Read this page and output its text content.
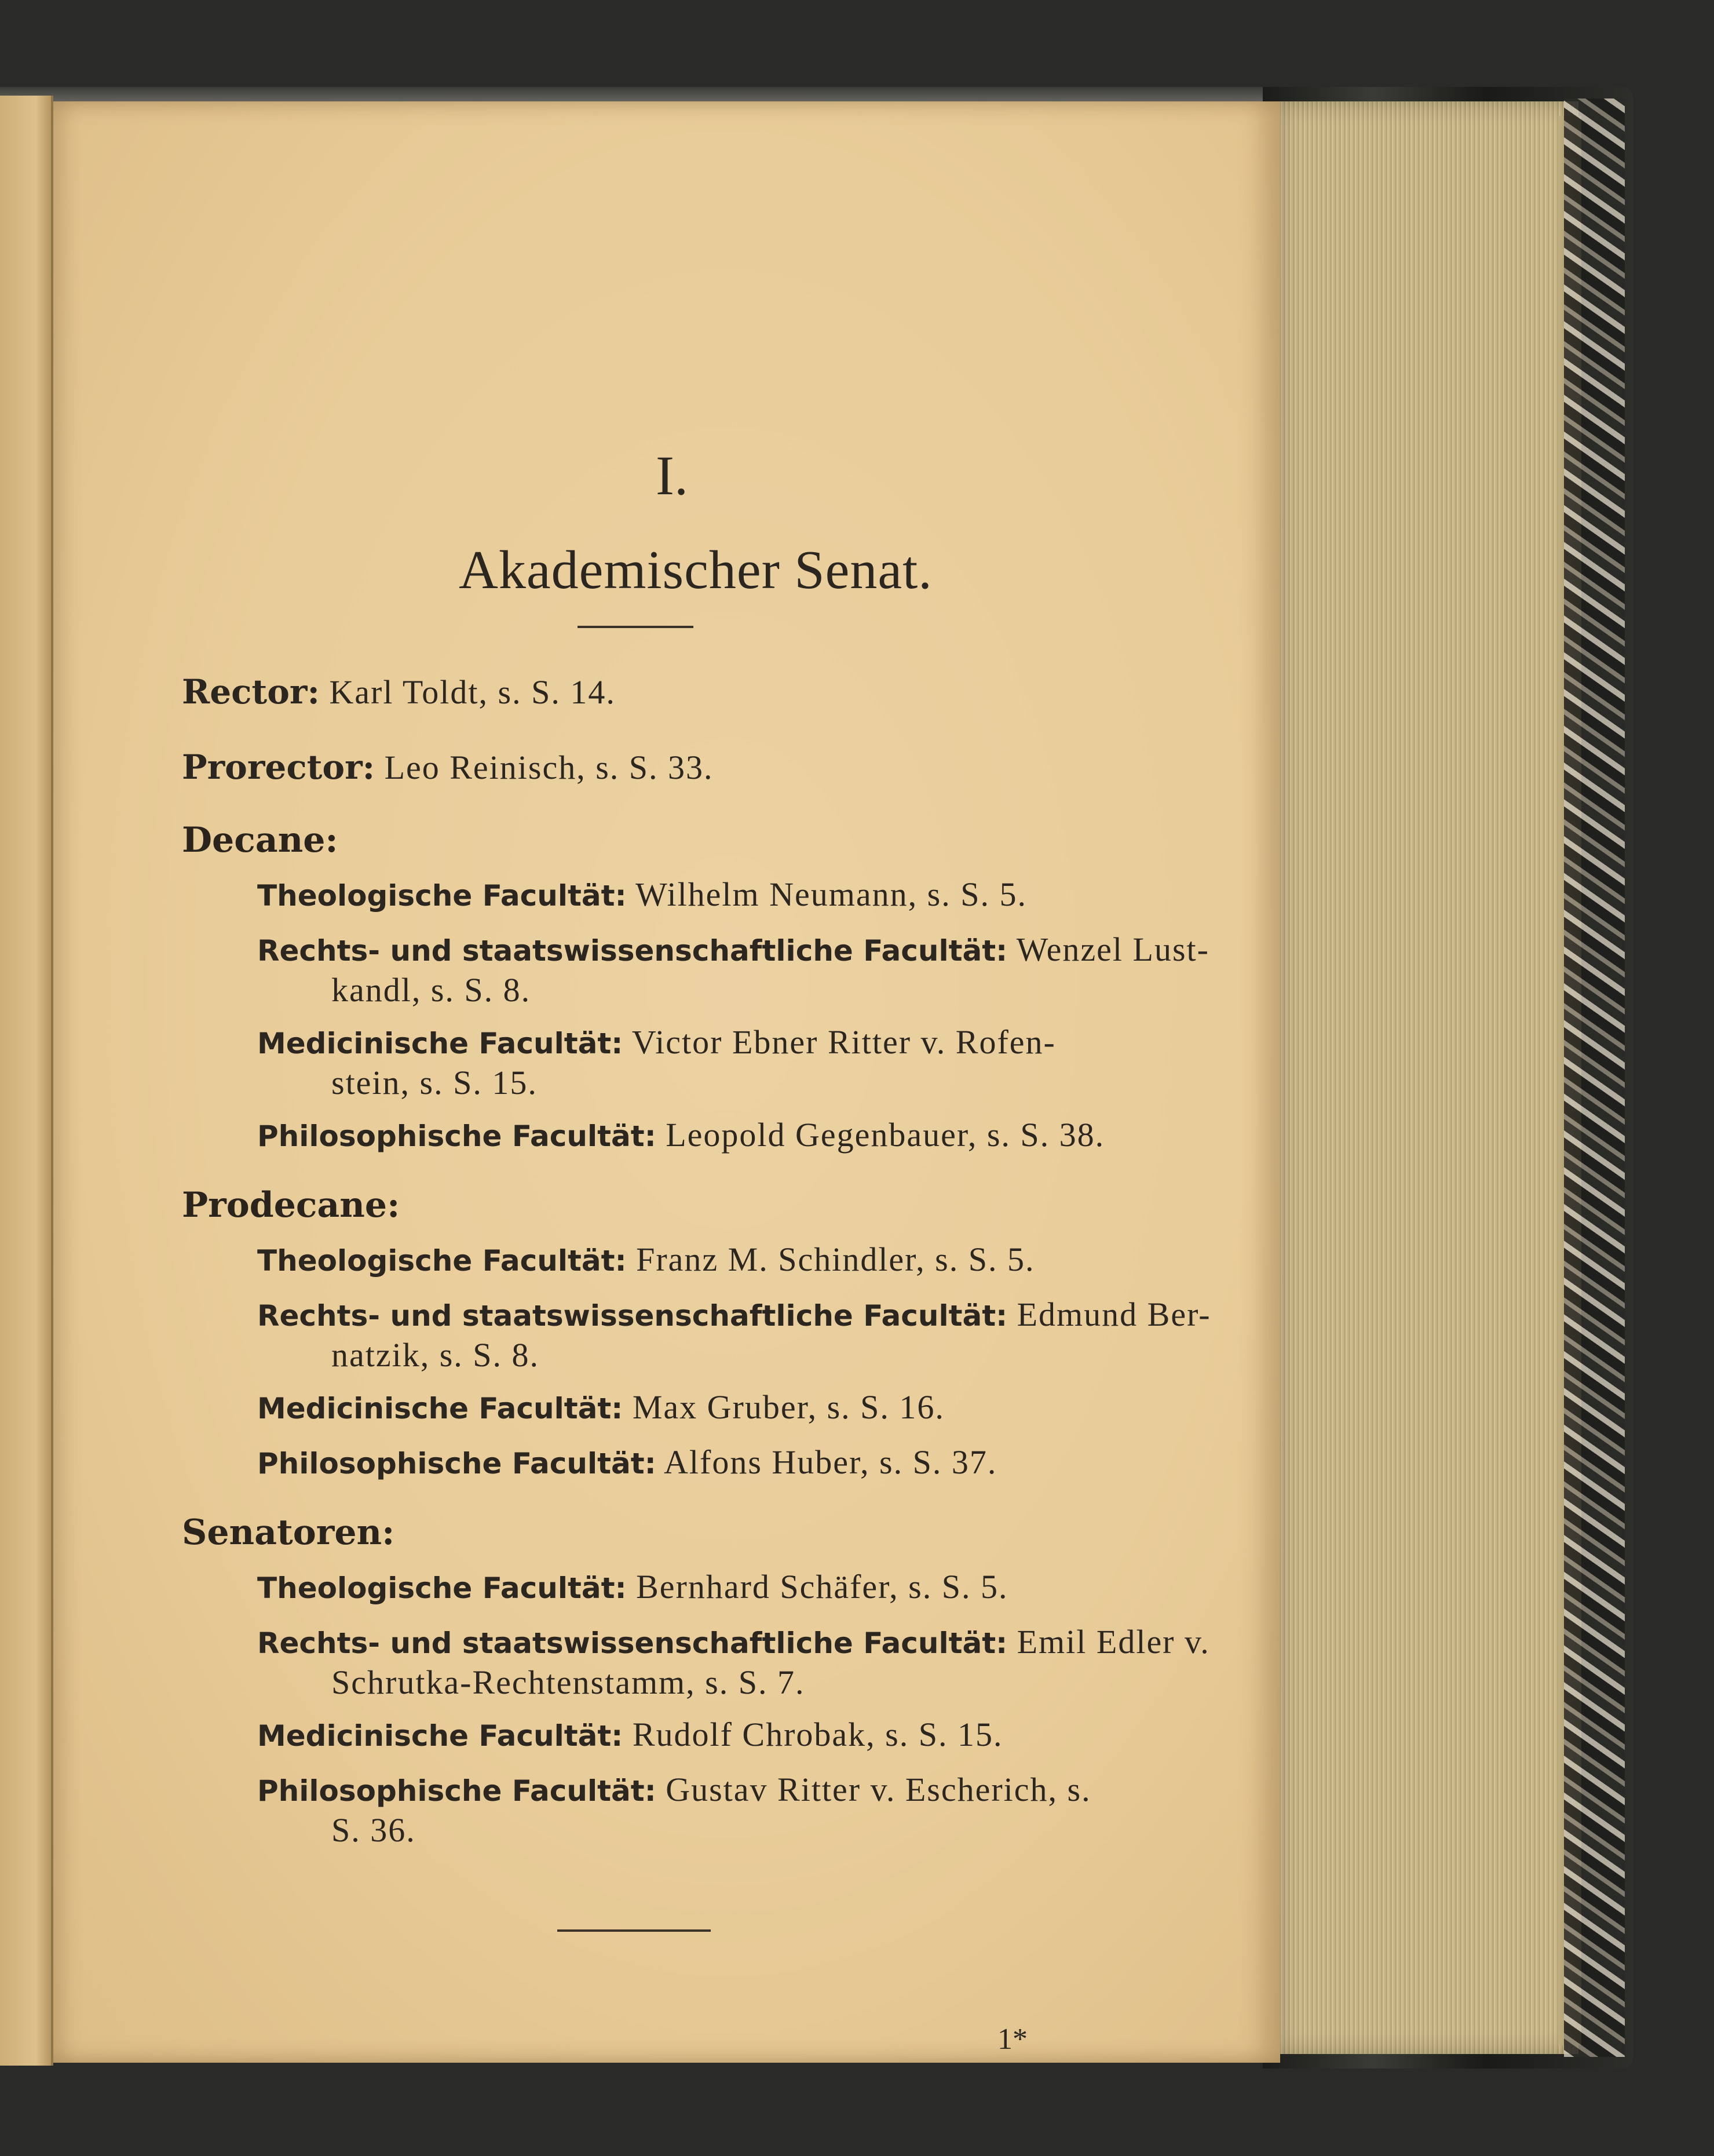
I.
Akademischer Senat.
Rector: Karl Toldt, s. S. 14.
Prorector: Leo Reinisch, s. S. 33.
Decane:
Theologische Facultät: Wilhelm Neumann, s. S. 5.
Rechts- und staatswissenschaftliche Facultät: Wenzel Lust-
kandl, s. S. 8.
Medicinische Facultät: Victor Ebner Ritter v. Rofen-
stein, s. S. 15.
Philosophische Facultät: Leopold Gegenbauer, s. S. 38.
Prodecane:
Theologische Facultät: Franz M. Schindler, s. S. 5.
Rechts- und staatswissenschaftliche Facultät: Edmund Ber-
natzik, s. S. 8.
Medicinische Facultät: Max Gruber, s. S. 16.
Philosophische Facultät: Alfons Huber, s. S. 37.
Senatoren:
Theologische Facultät: Bernhard Schäfer, s. S. 5.
Rechts- und staatswissenschaftliche Facultät: Emil Edler v.
Schrutka-Rechtenstamm, s. S. 7.
Medicinische Facultät: Rudolf Chrobak, s. S. 15.
Philosophische Facultät: Gustav Ritter v. Escherich, s.
S. 36.
1*
